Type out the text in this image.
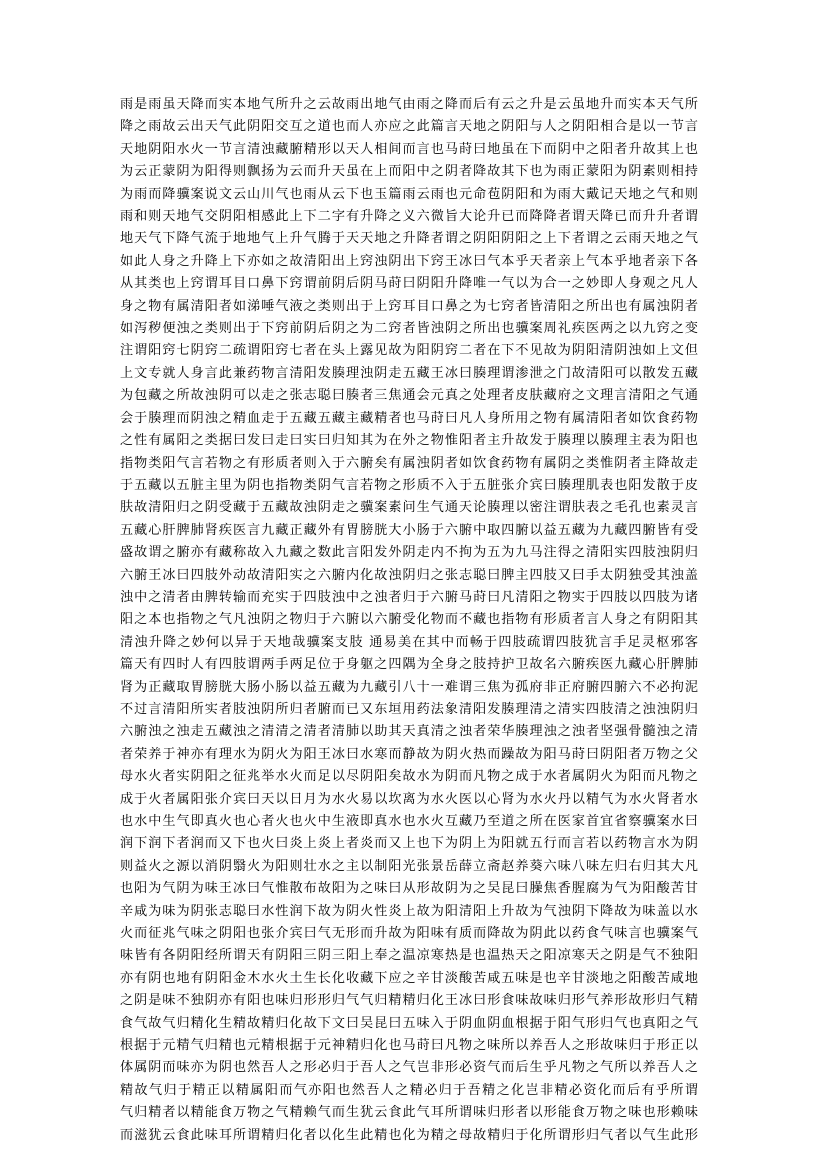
雨是雨虽天降而实本地气所升之云故雨出地气由雨之降而后有云之升是云虽地升而实本天气所
降之雨故云出天气此阴阳交互之道也而人亦应之此篇言天地之阴阳与人之阴阳相合是以一节言
天地阴阳水火一节言清浊藏腑精形以天人相间而言也马莳曰地虽在下而阴中之阳者升故其上也
为云正蒙阴为阳得则飘扬为云而升天虽在上而阳中之阴者降故其下也为雨正蒙阳为阴素则相持
为雨而降骥案说文云山川气也雨从云下也玉篇雨云雨也元命苞阴阳和为雨大戴记天地之气和则
雨和则天地气交阴阳相感此上下二字有升降之义六微旨大论升已而降降者谓天降已而升升者谓
地天气下降气流于地地气上升气腾于天天地之升降者谓之阴阳阴阳之上下者谓之云雨天地之气
如此人身之升降上下亦如之故清阳出上窍浊阴出下窍王冰曰气本乎天者亲上气本乎地者亲下各
从其类也上窍谓耳目口鼻下窍谓前阴后阴马莳曰阴阳升降唯一气以为合一之妙即人身观之凡人
身之物有属清阳者如涕唾气液之类则出于上窍耳目口鼻之为七窍者皆清阳之所出也有属浊阴者
如泻秽便浊之类则出于下窍前阴后阴之为二窍者皆浊阴之所出也骥案周礼疾医两之以九窍之变
注谓阳窍七阴窍二疏谓阳窍七者在头上露见故为阳阴窍二者在下不见故为阴阳清阴浊如上文但
上文专就人身言此兼药物言清阳发腠理浊阴走五藏王冰曰腠理谓渗泄之门故清阳可以散发五藏
为包藏之所故浊阴可以走之张志聪曰腠者三焦通会元真之处理者皮肤藏府之文理言清阳之气通
会于腠理而阴浊之精血走于五藏五藏主藏精者也马莳曰凡人身所用之物有属清阳者如饮食药物
之性有属阳之类据曰发曰走曰实曰归知其为在外之物惟阳者主升故发于腠理以腠理主表为阳也
指物类阳气言若物之有形质者则入于六腑矣有属浊阴者如饮食药物有属阴之类惟阴者主降故走
于五藏以五脏主里为阴也指物类阴气言若物之形质不入于五脏张介宾曰腠理肌表也阳发散于皮
肤故清阳归之阴受藏于五藏故浊阴走之骥案素问生气通天论腠理以密注谓肤表之毛孔也素灵言
五藏心肝脾肺肾疾医言九藏正藏外有胃膀胱大小肠于六腑中取四腑以益五藏为九藏四腑皆有受
盛故谓之腑亦有藏称故入九藏之数此言阳发外阴走内不拘为五为九马注得之清阳实四肢浊阴归
六腑王冰曰四肢外动故清阳实之六腑内化故浊阴归之张志聪曰脾主四肢又曰手太阴独受其浊盖
浊中之清者由脾转输而充实于四肢浊中之浊者归于六腑马莳曰凡清阳之物实于四肢以四肢为诸
阳之本也指物之气凡浊阴之物归于六腑以六腑受化物而不藏也指物有形质者言人身之有阴阳其
清浊升降之妙何以异于天地哉骥案支肢 通易美在其中而畅于四肢疏谓四肢犹言手足灵枢邪客
篇天有四时人有四肢谓两手两足位于身躯之四隅为全身之肢持护卫故名六腑疾医九藏心肝脾肺
肾为正藏取胃膀胱大肠小肠以益五藏为九藏引八十一难谓三焦为孤府非正府腑四腑六不必拘泥
不过言清阳所实者肢浊阴所归者腑而已又东垣用药法象清阳发腠理清之清实四肢清之浊浊阴归
六腑浊之浊走五藏浊之清清之清者清肺以助其天真清之浊者荣华腠理浊之浊者坚强骨髓浊之清
者荣养于神亦有理水为阴火为阳王冰曰水寒而静故为阴火热而躁故为阳马莳曰阴阳者万物之父
母水火者实阴阳之征兆举水火而足以尽阴阳矣故水为阴而凡物之成于水者属阴火为阳而凡物之
成于火者属阳张介宾曰天以日月为水火易以坎离为水火医以心肾为水火丹以精气为水火肾者水
也水中生气即真火也心者火也火中生液即真水也水火互藏乃至道之所在医家首宜省察骥案水曰
润下润下者润而又下也火曰炎上炎上者炎而又上也下为阴上为阳就五行而言若以药物言水为阴
则益火之源以消阴翳火为阳则壮水之主以制阳光张景岳薛立斋赵养葵六味八味左归右归其大凡
也阳为气阴为味王冰曰气惟散布故阳为之味曰从形故阴为之吴昆曰臊焦香腥腐为气为阳酸苦甘
辛咸为味为阴张志聪曰水性润下故为阴火性炎上故为阳清阳上升故为气浊阴下降故为味盖以水
火而征兆气味之阴阳也张介宾曰气无形而升故为阳味有质而降故为阴此以药食气味言也骥案气
味皆有各阴阳经所谓天有阴阳三阴三阳上奉之温凉寒热是也温热天之阳凉寒天之阴是气不独阳
亦有阴也地有阴阳金木水火土生长化收藏下应之辛甘淡酸苦咸五味是也辛甘淡地之阳酸苦咸地
之阴是味不独阴亦有阳也味归形形归气气归精精归化王冰曰形食味故味归形气养形故形归气精
食气故气归精化生精故精归化故下文曰吴昆曰五味入于阴血阴血根据于阳气形归气也真阳之气
根据于元精气归精也元精根据于元神精归化也马莳曰凡物之味所以养吾人之形故味归于形正以
体属阴而味亦为阴也然吾人之形必归于吾人之气岂非形必资气而后生乎凡物之气所以养吾人之
精故气归于精正以精属阳而气亦阳也然吾人之精必归于吾精之化岂非精必资化而后有乎所谓
气归精者以精能食万物之气精赖气而生犹云食此气耳所谓味归形者以形能食万物之味也形赖味
而滋犹云食此味耳所谓精归化者以化生此精也化为精之母故精归于化所谓形归气者以气生此形
